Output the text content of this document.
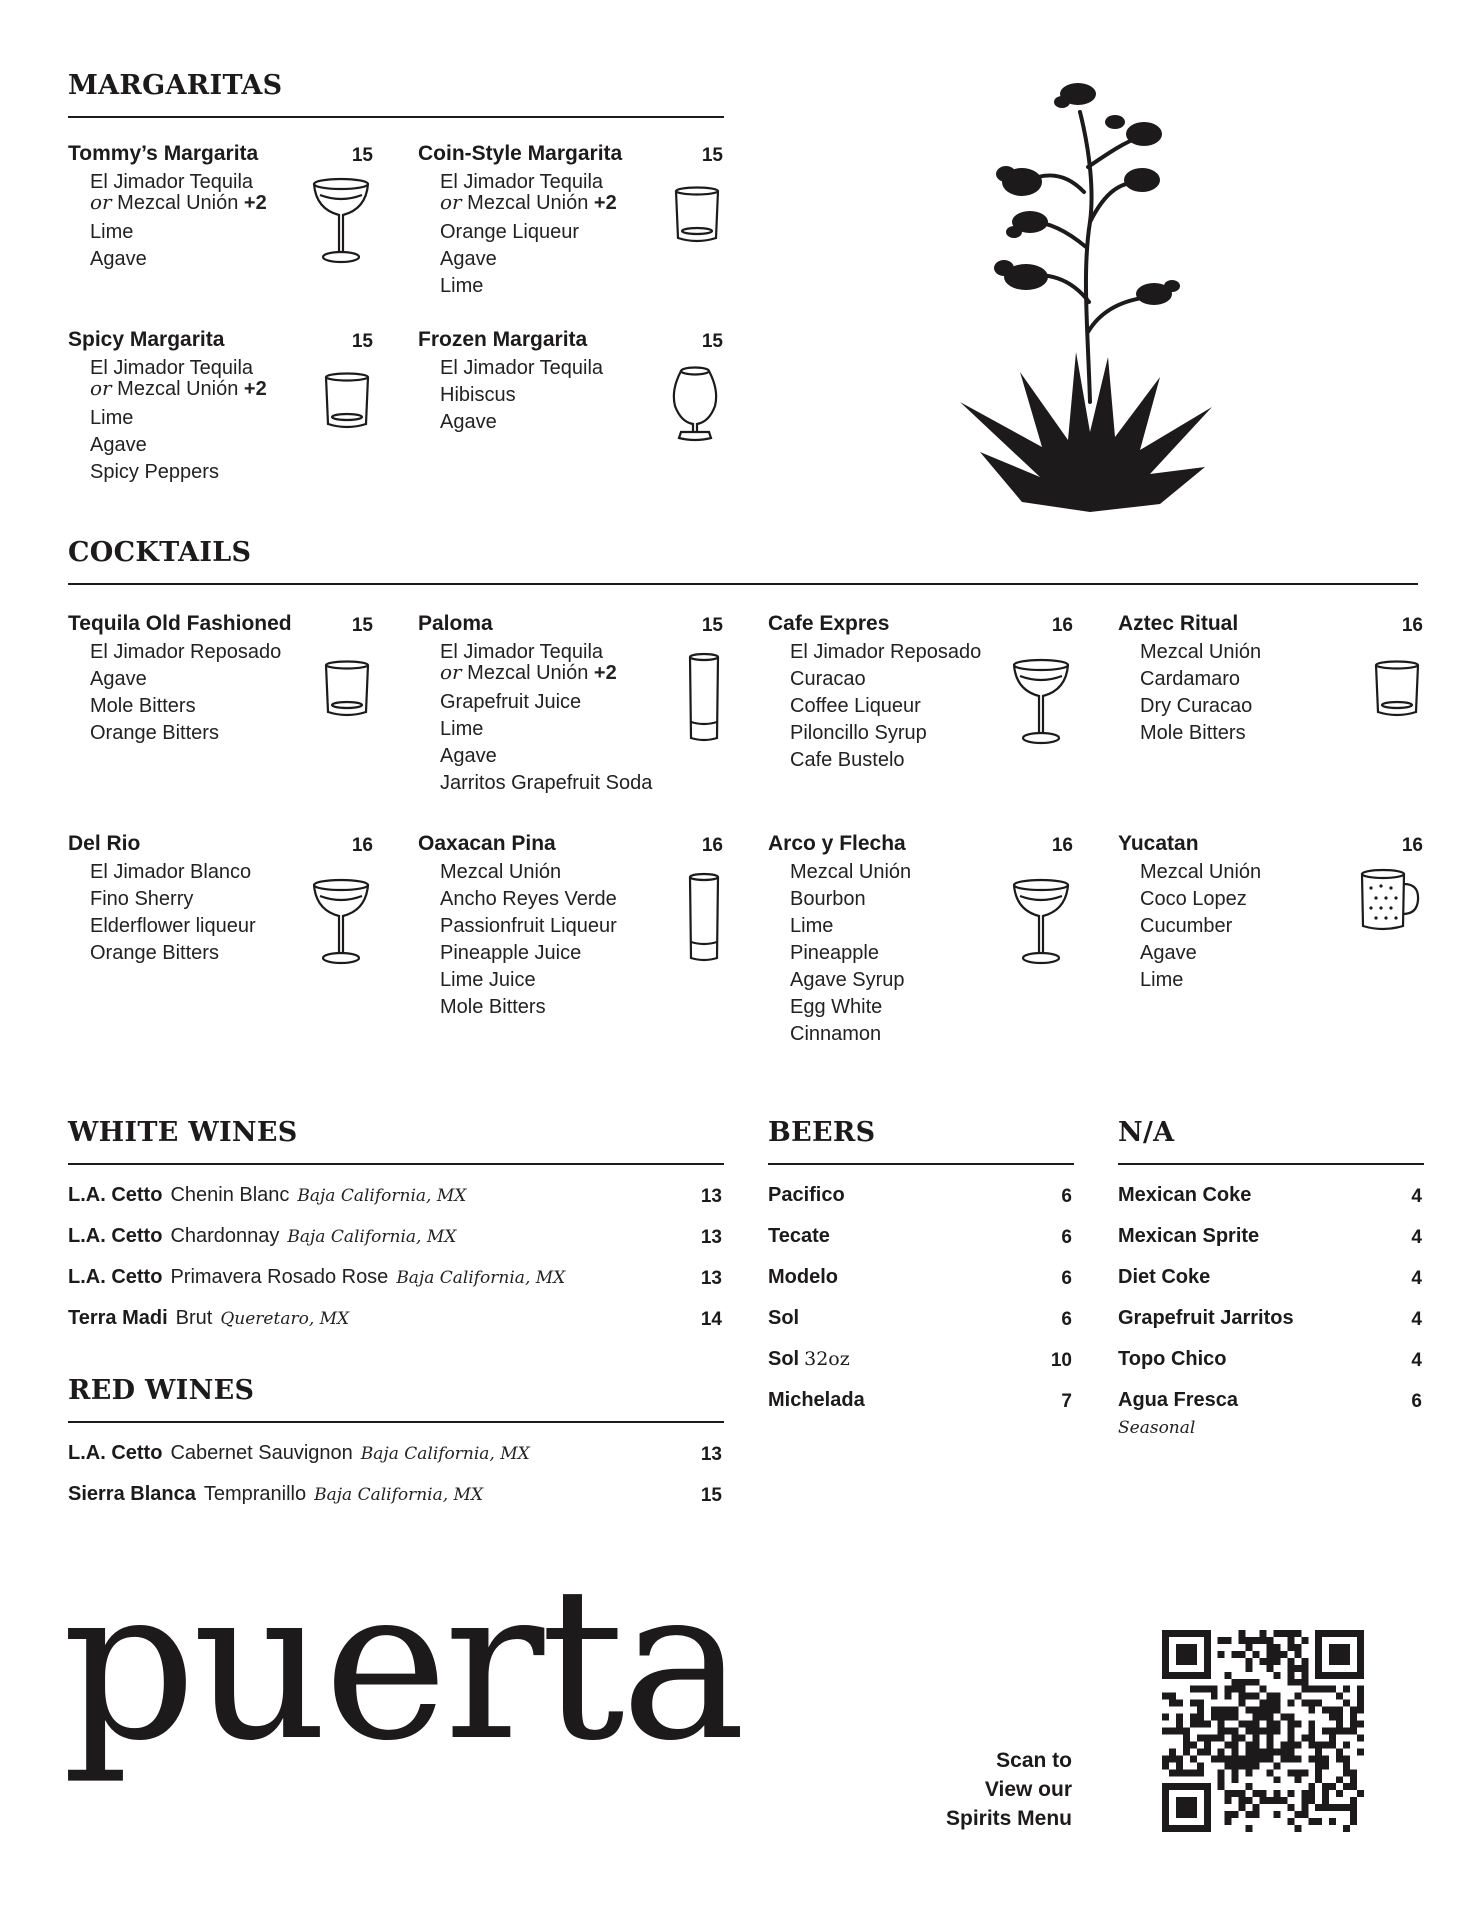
MARGARITAS
Tommy’s Margarita	15
El Jimador Tequila
or Mezcal Unión +2
Lime
Agave
Coin-Style Margarita	15
El Jimador Tequila
or Mezcal Unión +2
Orange Liqueur
Agave
Lime
Spicy Margarita	15
El Jimador Tequila
or Mezcal Unión +2
Lime
Agave
Spicy Peppers
Frozen Margarita	15
El Jimador Tequila
Hibiscus
Agave
COCKTAILS
Tequila Old Fashioned	15
El Jimador Reposado
Agave
Mole Bitters
Orange Bitters
Paloma	15
El Jimador Tequila
or Mezcal Unión +2
Grapefruit Juice
Lime
Agave
Jarritos Grapefruit Soda
Cafe Expres	16
El Jimador Reposado
Curacao
Coffee Liqueur
Piloncillo Syrup
Cafe Bustelo
Aztec Ritual	16
Mezcal Unión
Cardamaro
Dry Curacao
Mole Bitters
Del Rio	16
El Jimador Blanco
Fino Sherry
Elderflower liqueur
Orange Bitters
Oaxacan Pina	16
Mezcal Unión
Ancho Reyes Verde
Passionfruit Liqueur
Pineapple Juice
Lime Juice
Mole Bitters
Arco y Flecha	16
Mezcal Unión
Bourbon
Lime
Pineapple
Agave Syrup
Egg White
Cinnamon
Yucatan	16
Mezcal Unión
Coco Lopez
Cucumber
Agave
Lime
WHITE WINES
L.A. Cetto Chenin Blanc Baja California, MX	13
L.A. Cetto Chardonnay Baja California, MX	13
L.A. Cetto Primavera Rosado Rose Baja California, MX	13
Terra Madi Brut Queretaro, MX	14
RED WINES
L.A. Cetto Cabernet Sauvignon Baja California, MX	13
Sierra Blanca Tempranillo Baja California, MX	15
BEERS
Pacifico	6
Tecate	6
Modelo	6
Sol	6
Sol 32oz	10
Michelada	7
N/A
Mexican Coke	4
Mexican Sprite	4
Diet Coke	4
Grapefruit Jarritos	4
Topo Chico	4
Agua Fresca	6
Seasonal
puerta	Scan to
View our
Spirits Menu
